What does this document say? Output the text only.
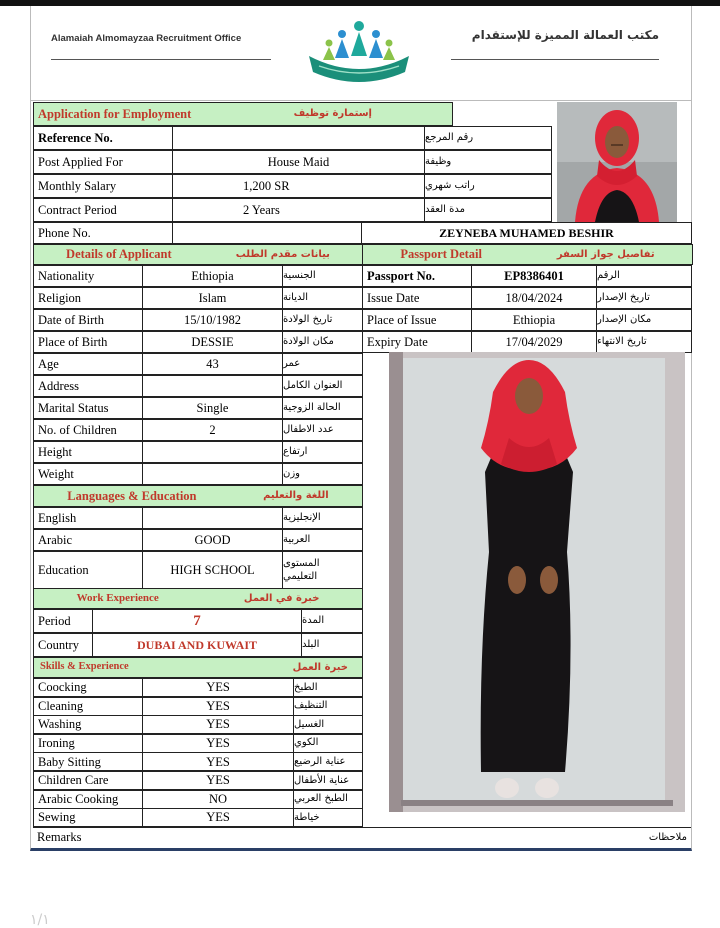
Alamaiah Almomayzaa Recruitment Office	مكتب العمالة المميزة للإستقدام
Application for Employment	إستمارة توظيف
Reference No.	رقم المرجع
Post Applied For	House Maid	وظيفة
Monthly Salary	1,200 SR	راتب شهري
Contract Period	2 Years	مدة العقد
Phone No.	ZEYNEBA MUHAMED BESHIR
Details of Applicant	بيانات مقدم الطلب	Passport Detail	تفاصيل جواز السفر
Languages & Education	اللغة والتعليم
English	الإنجليزية
Arabic	GOOD	العربية
Education	HIGH SCHOOL	المستوى
التعليمي
Work Experience	خبرة في العمل
Period	7	المدة
Country	DUBAI AND KUWAIT	البلد
Skills & Experience	خبرة العمل
Remarks	ملاحظات
Nationality	Ethiopia	الجنسية
Religion	Islam	الديانة
Date of Birth	15/10/1982	تاريخ الولادة
Place of Birth	DESSIE	مكان الولادة
Age	43	عمر
Address	العنوان الكامل
Marital Status	Single	الحالة الزوجية
No. of Children	2	عدد الاطفال
Height	ارتفاع
Weight	وزن
Passport No.	EP8386401	الرقم
Issue Date	18/04/2024	تاريخ الإصدار
Place of Issue	Ethiopia	مكان الإصدار
Expiry Date	17/04/2029	تاريخ الانتهاء
Coocking	YES	الطبخ
Cleaning	YES	التنظيف
Washing	YES	الغسيل
Ironing	YES	الكوي
Baby Sitting	YES	عناية الرضيع
Children Care	YES	عناية الأطفال
Arabic Cooking	NO	الطبخ العربي
Sewing	YES	خياطة
١/١
